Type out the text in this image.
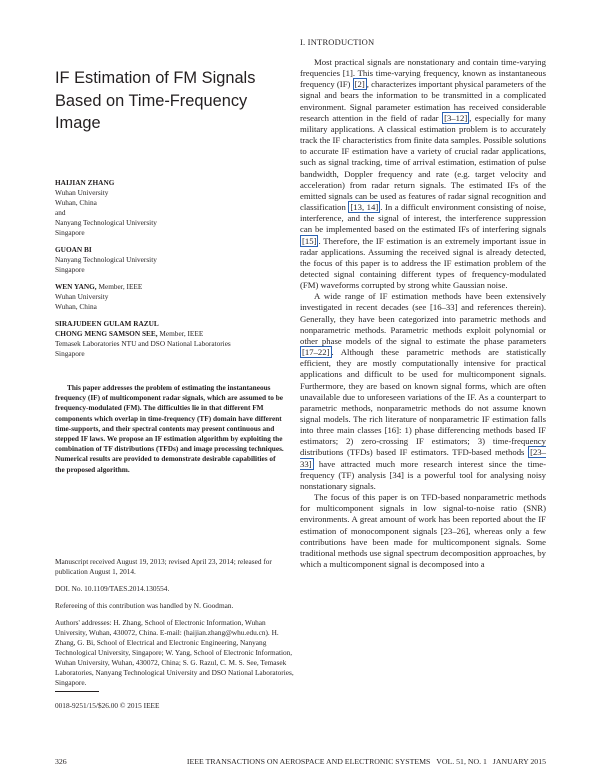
IF Estimation of FM Signals Based on Time-Frequency Image
HAIJIAN ZHANG
Wuhan University
Wuhan, China
and
Nanyang Technological University
Singapore
GUOAN BI
Nanyang Technological University
Singapore
WEN YANG, Member, IEEE
Wuhan University
Wuhan, China
SIRAJUDEEN GULAM RAZUL
CHONG MENG SAMSON SEE, Member, IEEE
Temasek Laboratories NTU and DSO National Laboratories
Singapore
This paper addresses the problem of estimating the instantaneous frequency (IF) of multicomponent radar signals, which are assumed to be frequency-modulated (FM). The difficulties lie in that different FM components which overlap in time-frequency (TF) domain have different time-supports, and their spectral contents may present continuous and stepped IF laws. We propose an IF estimation algorithm by exploiting the combination of TF distributions (TFDs) and image processing techniques. Numerical results are provided to demonstrate desirable capabilities of the proposed algorithm.

Manuscript received August 19, 2013; revised April 23, 2014; released for publication August 1, 2014.

DOI. No. 10.1109/TAES.2014.130554.

Refereeing of this contribution was handled by N. Goodman.

Authors' addresses: H. Zhang, School of Electronic Information, Wuhan University, Wuhan, 430072, China. E-mail: (haijian.zhang@whu.edu.cn). H. Zhang, G. Bi, School of Electrical and Electronic Engineering, Nanyang Technological University, Singapore; W. Yang, School of Electronic Information, Wuhan University, Wuhan, 430072, China; S. G. Razul, C. M. S. See, Temasek Laboratories, Nanyang Technological University and DSO National Laboratories, Singapore.

0018-9251/15/$26.00 © 2015 IEEE
I. INTRODUCTION

Most practical signals are nonstationary and contain time-varying frequencies [1]. This time-varying frequency, known as instantaneous frequency (IF) [2] , characterizes important physical parameters of the signal and bears the information to be transmitted in a complicated environment. Signal parameter estimation has received considerable research attention in the field of radar [3–12] , especially for many military applications. A classical estimation problem is to accurately track the IF characteristics from finite data samples. Possible solutions to accurate IF estimation have a variety of crucial radar applications, such as signal tracking, time of arrival estimation, estimation of pulse bandwidth, Doppler frequency and rate (e.g. target velocity and acceleration) from radar return signals. The estimated IFs of the emitted signals can be used as features of radar signal recognition and classification [13, 14] . In a difficult environment consisting of noise, interference, and the signal of interest, the interference suppression can be implemented based on the estimated IFs of interfering signals [15] . Therefore, the IF estimation is an extremely important issue in radar applications. Assuming the received signal is already detected, the focus of this paper is to address the IF estimation problem of the detected signal containing different types of frequency-modulated (FM) waveforms corrupted by strong white Gaussian noise.

A wide range of IF estimation methods have been extensively investigated in recent decades (see [16–33] and references therein). Generally, they have been categorized into parametric methods and nonparametric methods. Parametric methods exploit polynomial or other phase models of the signal to estimate the phase parameters [17–22] . Although these parametric methods are statistically efficient, they are mostly computationally intensive for practical applications and difficult to be used for multicomponent signals. Furthermore, they are based on known signal forms, which are often unavailable due to unforeseen variations of the IF. As a counterpart to parametric methods, nonparametric methods do not assume known signal models. The rich literature of nonparametric IF estimation falls into three main classes [16]: 1) phase differencing methods based IF estimators; 2) zero-crossing IF estimators; 3) time-frequency distributions (TFDs) based IF estimators. TFD-based methods [23–33] have attracted much more research interest since the time-frequency (TF) analysis [34] is a powerful tool for analysing noisy nonstationary signals.

The focus of this paper is on TFD-based nonparametric methods for multicomponent signals in low signal-to-noise ratio (SNR) environments. A great amount of work has been reported about the IF estimation of monocomponent signals [23–26], whereas only a few contributions have been made for multicomponent signals. Some traditional methods use signal spectrum decomposition approaches, by which a multicomponent signal is decomposed into a

326	IEEE TRANSACTIONS ON AEROSPACE AND ELECTRONIC SYSTEMS VOL. 51, NO. 1 JANUARY 2015
